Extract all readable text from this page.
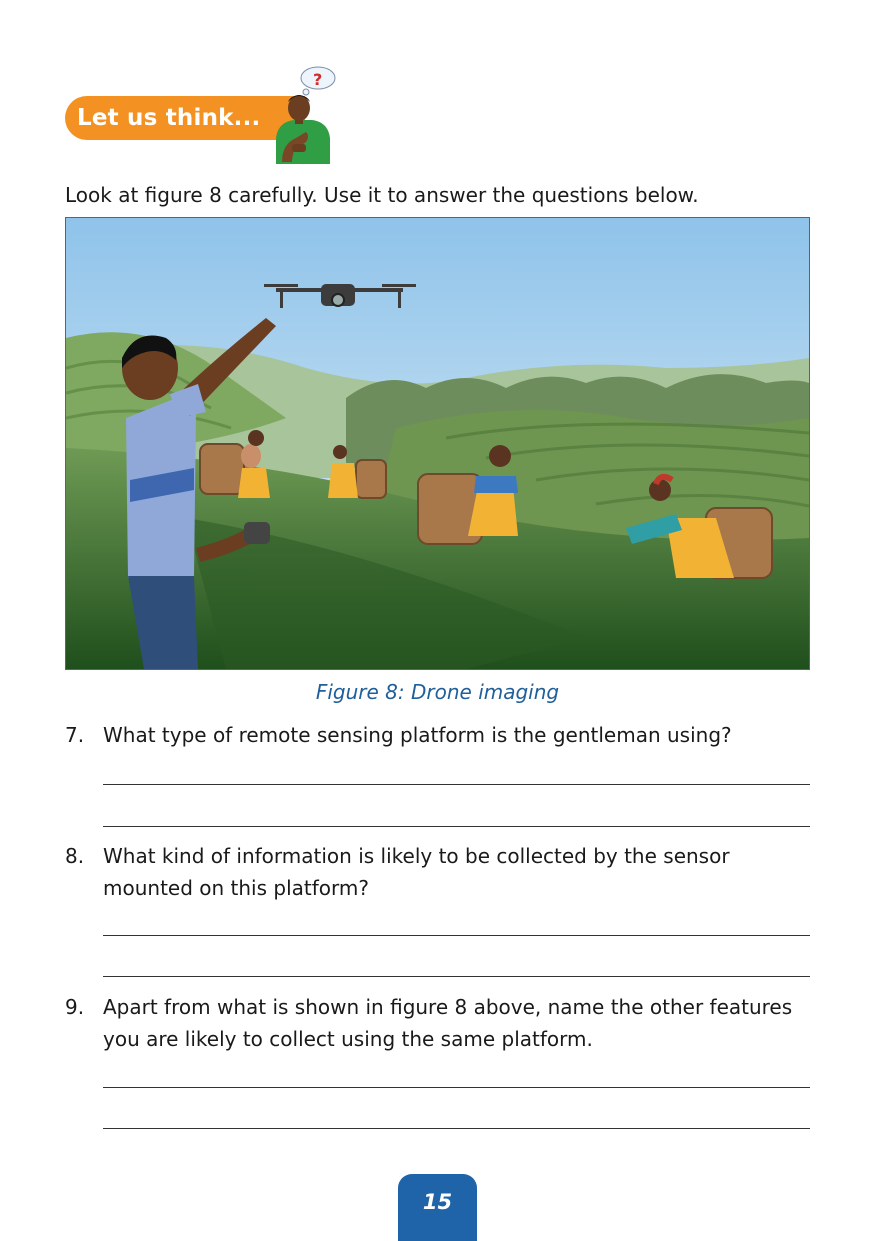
Let us think...
?
Look at figure 8 carefully. Use it to answer the questions below.
Figure 8: Drone imaging
7. What type of remote sensing platform is the gentleman using?
8. What kind of information is likely to be collected by the sensor mounted on this platform?
9. Apart from what is shown in figure 8 above, name the other features you are likely to collect using the same platform.
15
